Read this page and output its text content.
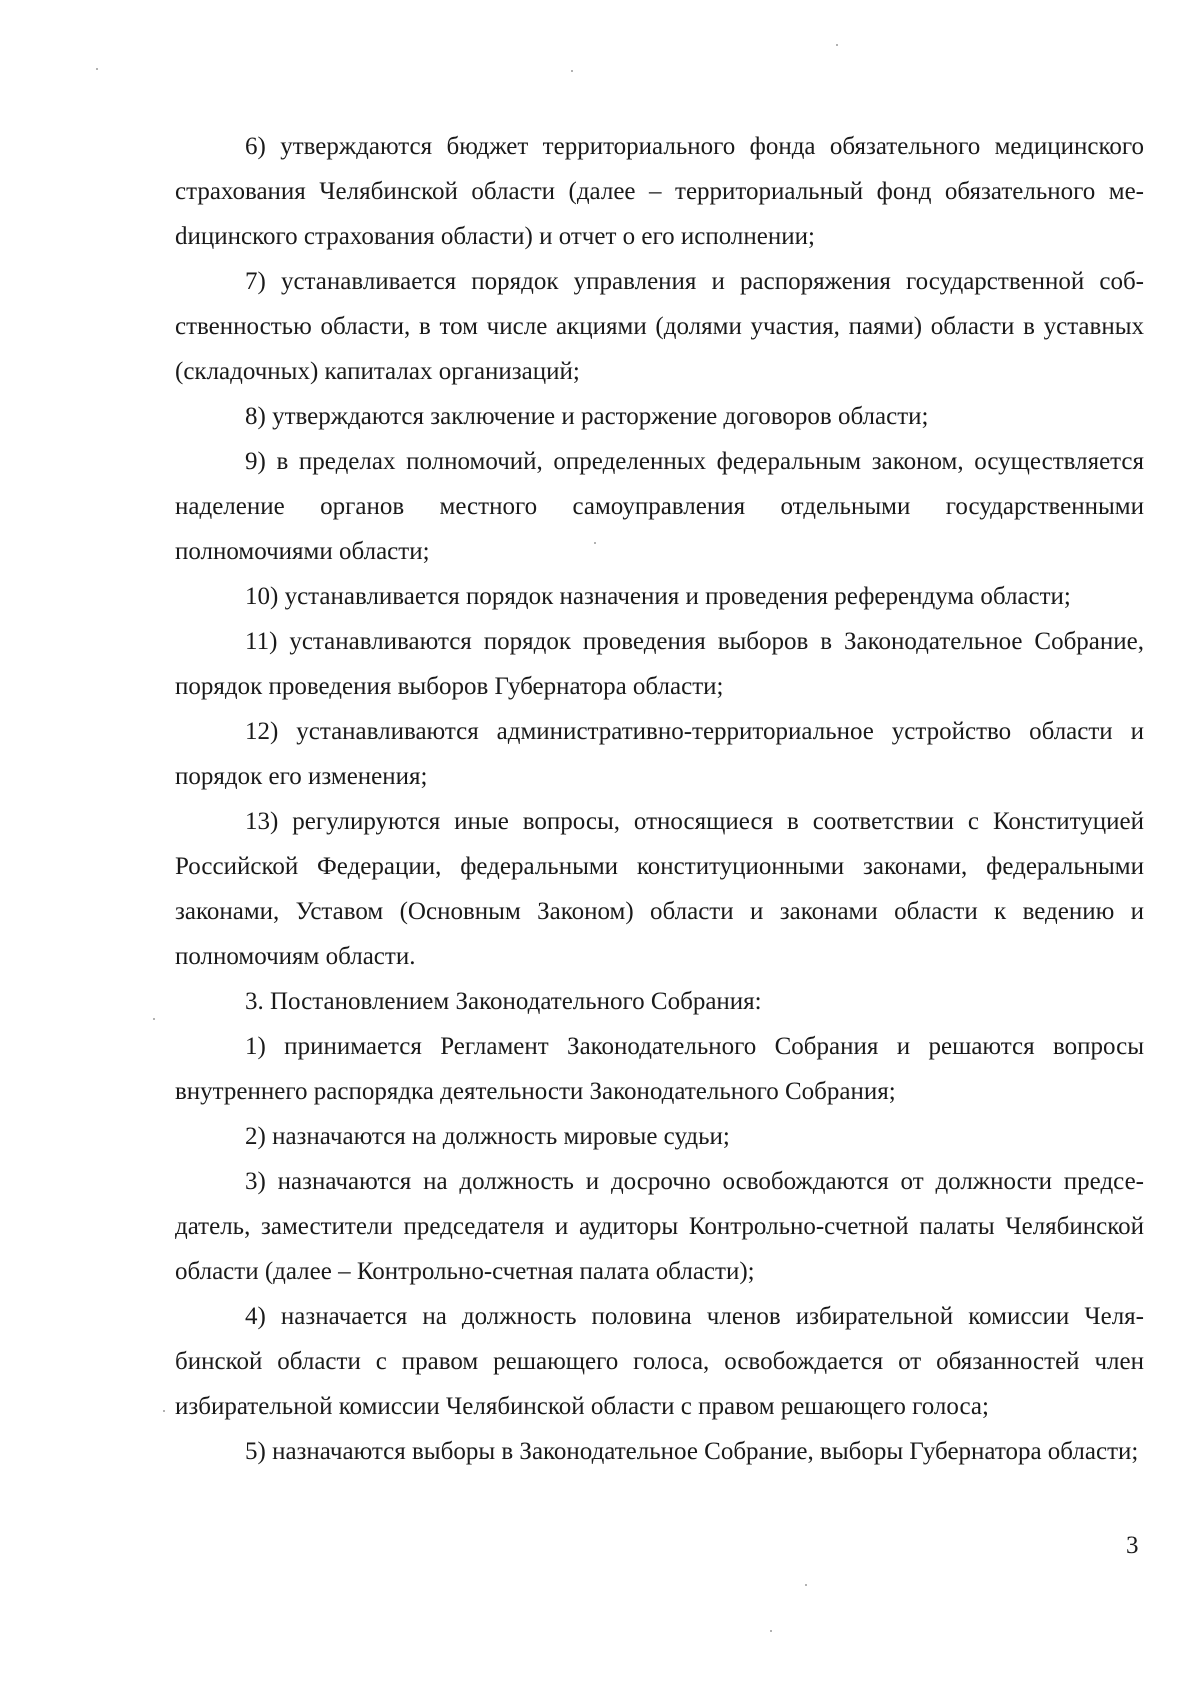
6) утверждаются бюджет территориального фонда обязательного медицинского страхования Челябинской области (далее – территориальный фонд обязательного меdицинского страхования области) и отчет о его исполнении;

7) устанавливается порядок управления и распоряжения государственной собственностью области, в том числе акциями (долями участия, паями) области в уставных (складочных) капиталах организаций;

8) утверждаются заключение и расторжение договоров области;

9) в пределах полномочий, определенных федеральным законом, осуществляется наделение органов местного самоуправления отдельными государственными полномочиями области;

10) устанавливается порядок назначения и проведения референдума области;

11) устанавливаются порядок проведения выборов в Законодательное Собрание, порядок проведения выборов Губернатора области;

12) устанавливаются административно-территориальное устройство области и порядок его изменения;

13) регулируются иные вопросы, относящиеся в соответствии с Конституцией Российской Федерации, федеральными конституционными законами, федеральными законами, Уставом (Основным Законом) области и законами области к ведению и полномочиям области.

3. Постановлением Законодательного Собрания:

1) принимается Регламент Законодательного Собрания и решаются вопросы внутреннего распорядка деятельности Законодательного Собрания;

2) назначаются на должность мировые судьи;

3) назначаются на должность и досрочно освобождаются от должности председатель, заместители председателя и аудиторы Контрольно-счетной палаты Челябинской области (далее – Контрольно-счетная палата области);

4) назначается на должность половина членов избирательной комиссии Челябинской области с правом решающего голоса, освобождается от обязанностей член избирательной комиссии Челябинской области с правом решающего голоса;

5) назначаются выборы в Законодательное Собрание, выборы Губернатора области;

3
